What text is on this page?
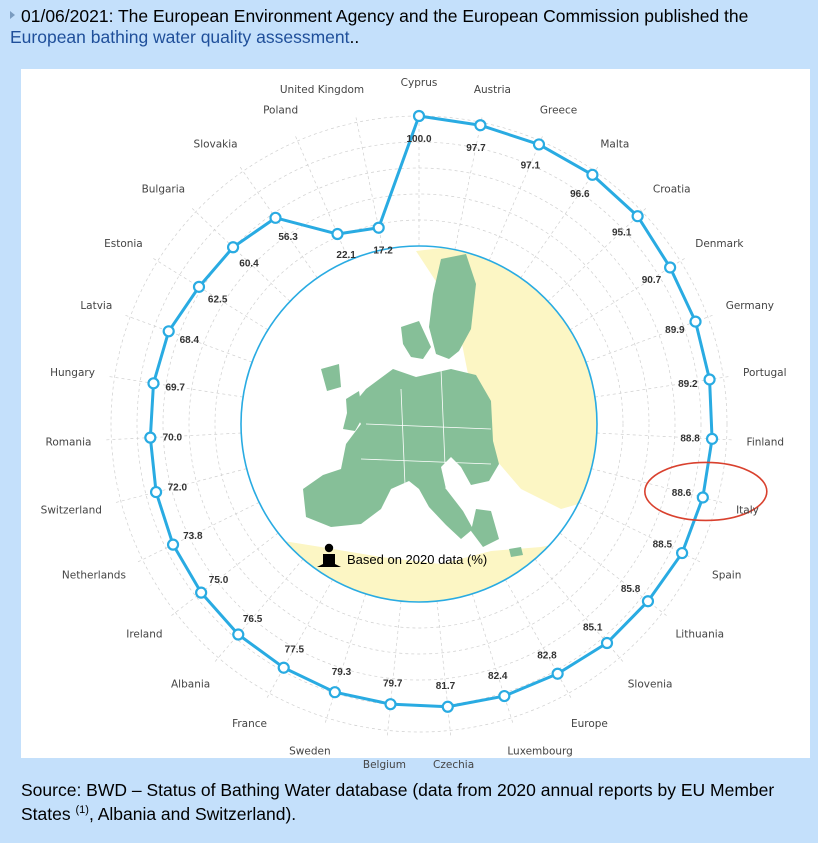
01/06/2021: The European Environment Agency and the European Commission published the European bathing water quality assessment..
Based on 2020 data (%)
100.0
Cyprus
97.7
Austria
97.1
Greece
96.6
Malta
95.1
Croatia
90.7
Denmark
89.9
Germany
89.2
Portugal
88.8	Finland
88.6
Italy
88.5
Spain
85.8
Lithuania
85.1
Slovenia
82.8
Europe
82.4
Luxembourg
81.7
Czechia
79.7
Belgium
79.3
Sweden
77.5
France
76.5
Albania
75.0
Ireland
73.8
Netherlands
72.0
Switzerland
70.0
Romania
69.7
Hungary
68.4
Latvia
62.5
Estonia
60.4
Bulgaria
56.3
Slovakia
22.1
Poland
17.2
United Kingdom
Source: BWD – Status of Bathing Water database (data from 2020 annual reports by EU Member States $^{(1)}$, Albania and Switzerland).
